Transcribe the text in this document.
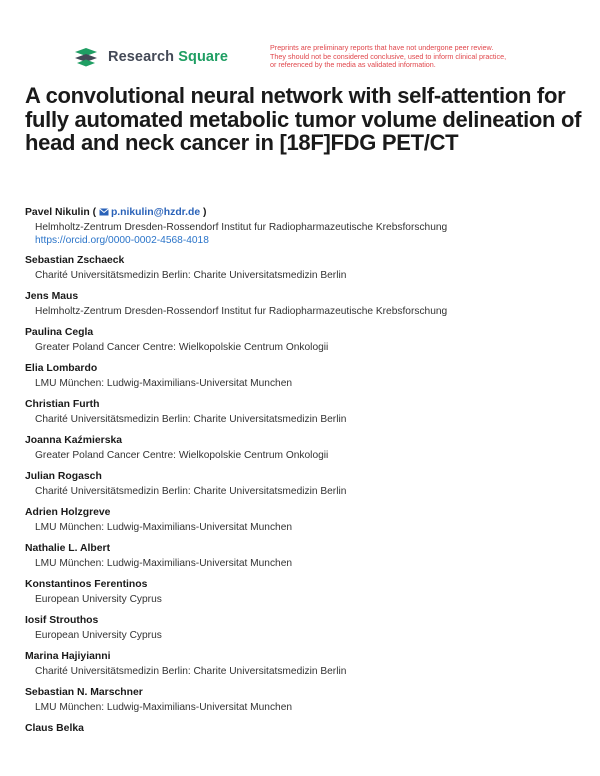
Research Square
Preprints are preliminary reports that have not undergone peer review.
They should not be considered conclusive, used to inform clinical practice,
or referenced by the media as validated information.
A convolutional neural network with self-attention for fully automated metabolic tumor volume delineation of head and neck cancer in [18F]FDG PET/CT
Pavel Nikulin ( p.nikulin@hzdr.de )
Helmholtz-Zentrum Dresden-Rossendorf Institut fur Radiopharmazeutische Krebsforschung
https://orcid.org/0000-0002-4568-4018
Sebastian Zschaeck
Charité Universitätsmedizin Berlin: Charite Universitatsmedizin Berlin
Jens Maus
Helmholtz-Zentrum Dresden-Rossendorf Institut fur Radiopharmazeutische Krebsforschung
Paulina Cegla
Greater Poland Cancer Centre: Wielkopolskie Centrum Onkologii
Elia Lombardo
LMU München: Ludwig-Maximilians-Universitat Munchen
Christian Furth
Charité Universitätsmedizin Berlin: Charite Universitatsmedizin Berlin
Joanna Kaźmierska
Greater Poland Cancer Centre: Wielkopolskie Centrum Onkologii
Julian Rogasch
Charité Universitätsmedizin Berlin: Charite Universitatsmedizin Berlin
Adrien Holzgreve
LMU München: Ludwig-Maximilians-Universitat Munchen
Nathalie L. Albert
LMU München: Ludwig-Maximilians-Universitat Munchen
Konstantinos Ferentinos
European University Cyprus
Iosif Strouthos
European University Cyprus
Marina Hajiyianni
Charité Universitätsmedizin Berlin: Charite Universitatsmedizin Berlin
Sebastian N. Marschner
LMU München: Ludwig-Maximilians-Universitat Munchen
Claus Belka
